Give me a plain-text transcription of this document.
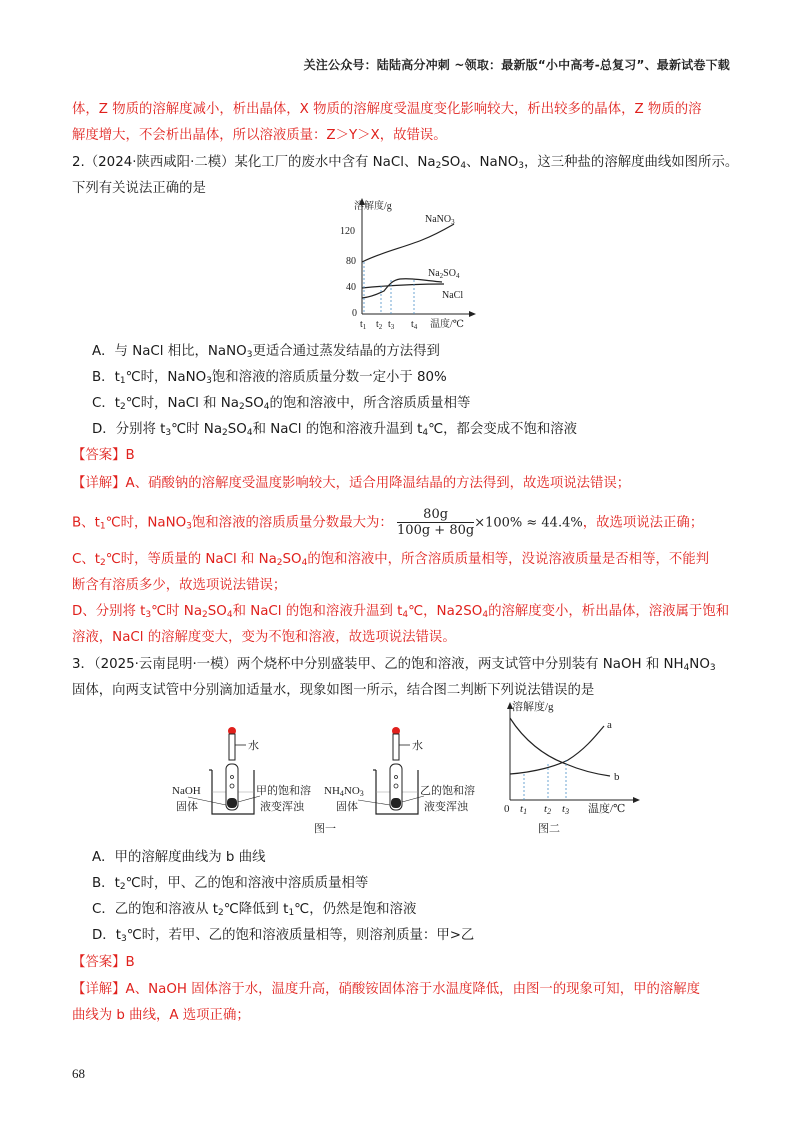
关注公众号：陆陆高分冲刺 ~领取：最新版“小中高考-总复习”、最新试卷下载
体，Z 物质的溶解度减小，析出晶体，X 物质的溶解度受温度变化影响较大，析出较多的晶体，Z 物质的溶
解度增大，不会析出晶体，所以溶液质量：Z＞Y＞X，故错误。
2.（2024·陕西咸阳·二模）某化工厂的废水中含有 NaCl、$Na_2SO_4$、NaNO$_3$，这三种盐的溶解度曲线如图所示。
下列有关说法正确的是
溶解度/g
120
80
40
0
$t_1$ $t_2$ $t_3$ $t_4$ 温度/℃
NaNO$_3$
$Na_2SO_4$
NaCl
A．与 NaCl 相比，NaNO$_3$更适合通过蒸发结晶的方法得到
B．$t_1℃$时，NaNO$_3$饱和溶液的溶质质量分数一定小于 80%
C．$t_2℃$时，NaCl 和 $Na_2SO_4$的饱和溶液中，所含溶质质量相等
D．分别将 $t_3℃$时 $Na_2SO_4$和 NaCl 的饱和溶液升温到 $t_4℃$，都会变成不饱和溶液
【答案】B
【详解】A、硝酸钠的溶解度受温度影响较大，适合用降温结晶的方法得到，故选项说法错误；
B、$t_1℃$时，NaNO$_3$饱和溶液的溶质质量分数最大为： $\frac{80g}{100g + 80g} \times 100\% \approx 44.4\%$，故选项说法正确；
C、$t_2℃$时，等质量的 NaCl 和 $Na_2SO_4$的饱和溶液中，所含溶质质量相等，没说溶液质量是否相等，不能判
断含有溶质多少，故选项说法错误；
D、分别将 $t_3℃$时 $Na_2SO_4$和 NaCl 的饱和溶液升温到 $t_4℃$，$Na2SO_4$的溶解度变小，析出晶体，溶液属于饱和
溶液，NaCl 的溶解度变大，变为不饱和溶液，故选项说法错误。
3．（2025·云南昆明·一模）两个烧杯中分别盛装甲、乙的饱和溶液，两支试管中分别装有 NaOH 和 $NH_4NO_3$
固体，向两支试管中分别滴加适量水，现象如图一所示，结合图二判断下列说法错误的是
水
NaOH
固体
甲的饱和溶
液变浑浊
水
NH4NO3
固体
乙的饱和溶
液变浑浊
图一
溶解度/g
a
b
0 t1 t2 t3 温度/℃
图二
A．甲的溶解度曲线为 b 曲线
B．$t_2℃$时，甲、乙的饱和溶液中溶质质量相等
C．乙的饱和溶液从 $t_2℃$降低到 $t_1℃$，仍然是饱和溶液
D．$t_3℃$时，若甲、乙的饱和溶液质量相等，则溶剂质量：甲>乙
【答案】B
【详解】A、NaOH 固体溶于水，温度升高，硝酸铵固体溶于水温度降低，由图一的现象可知，甲的溶解度
曲线为 b 曲线，A 选项正确；
68
